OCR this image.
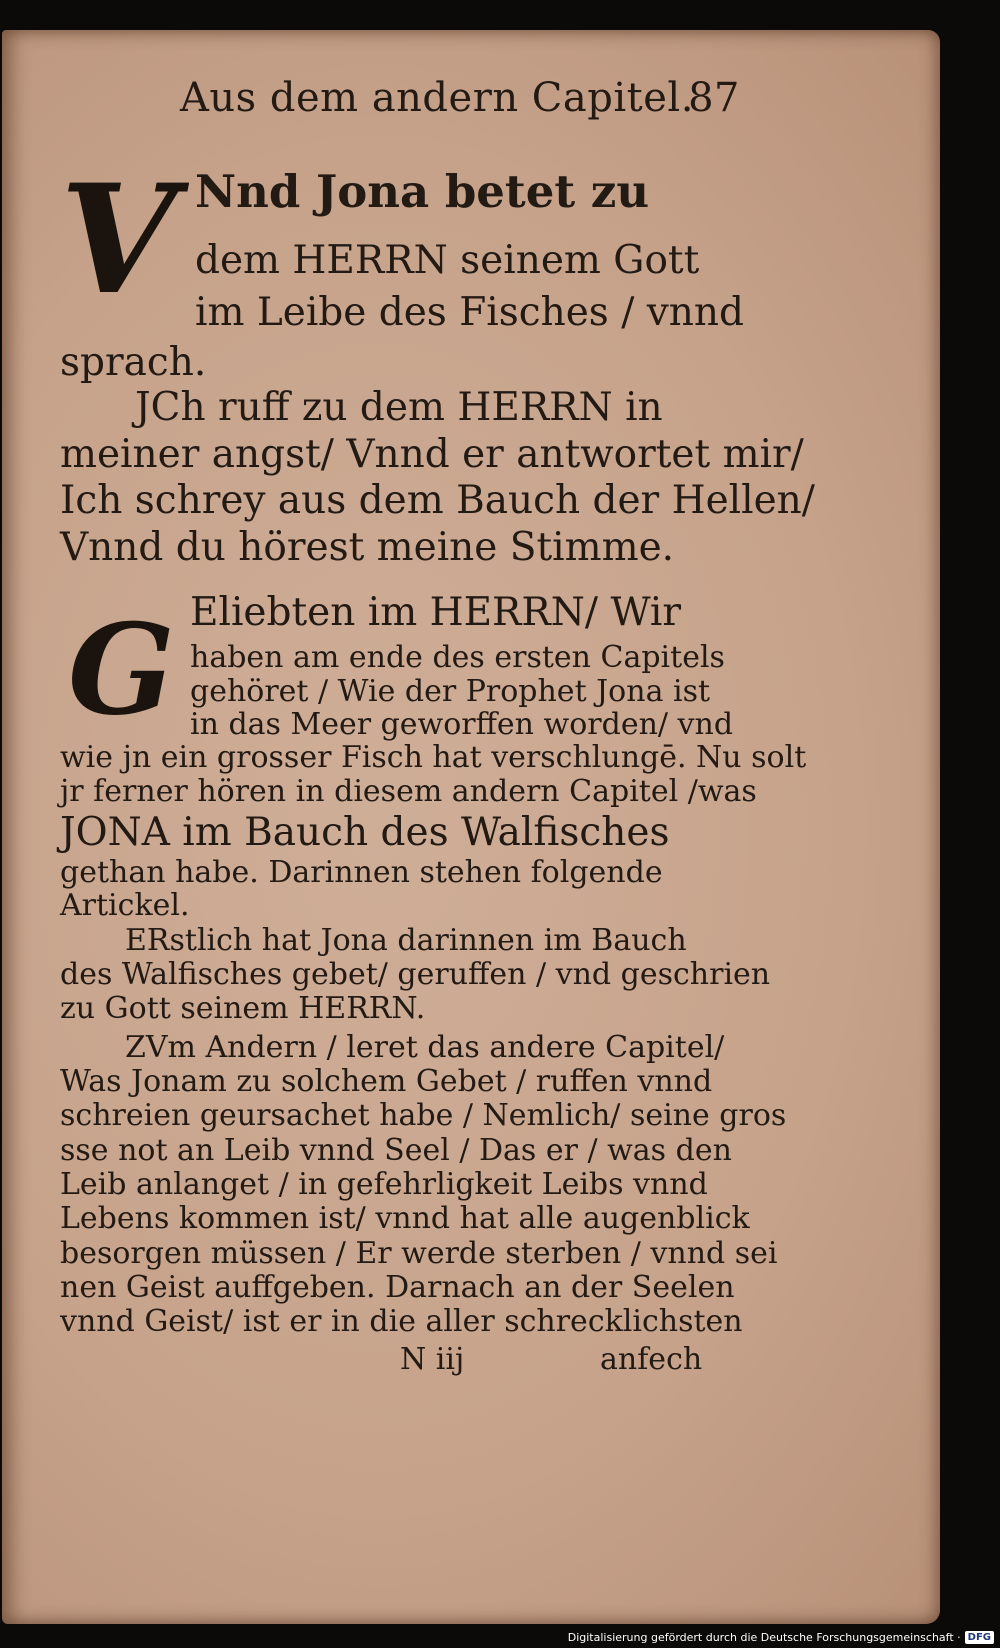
Aus dem andern Capitel.
87
V
G
Nnd Jona betet zu
dem HERRN seinem Gott
im Leibe des Fisches / vnnd
sprach.
JCh ruff zu dem HERRN in
meiner angst/ Vnnd er antwortet mir/
Ich schrey aus dem Bauch der Hellen/
Vnnd du hörest meine Stimme.
Eliebten im HERRN/ Wir
haben am ende des ersten Capitels
gehöret / Wie der Prophet Jona ist
in das Meer geworffen worden/ vnd
wie jn ein grosser Fisch hat verschlungē. Nu solt
jr ferner hören in diesem andern Capitel /was
JONA im Bauch des Walfisches
gethan habe. Darinnen stehen folgende
Artickel.
ERstlich hat Jona darinnen im Bauch
des Walfisches gebet/ geruffen / vnd geschrien
zu Gott seinem HERRN.
ZVm Andern / leret das andere Capitel/
Was Jonam zu solchem Gebet / ruffen vnnd
schreien geursachet habe / Nemlich/ seine gros
sse not an Leib vnnd Seel / Das er / was den
Leib anlanget / in gefehrligkeit Leibs vnnd
Lebens kommen ist/ vnnd hat alle augenblick
besorgen müssen / Er werde sterben / vnnd sei
nen Geist auffgeben. Darnach an der Seelen
vnnd Geist/ ist er in die aller schrecklichsten
N iij	anfech
Digitalisierung gefördert durch die Deutsche Forschungsgemeinschaft · DFG
